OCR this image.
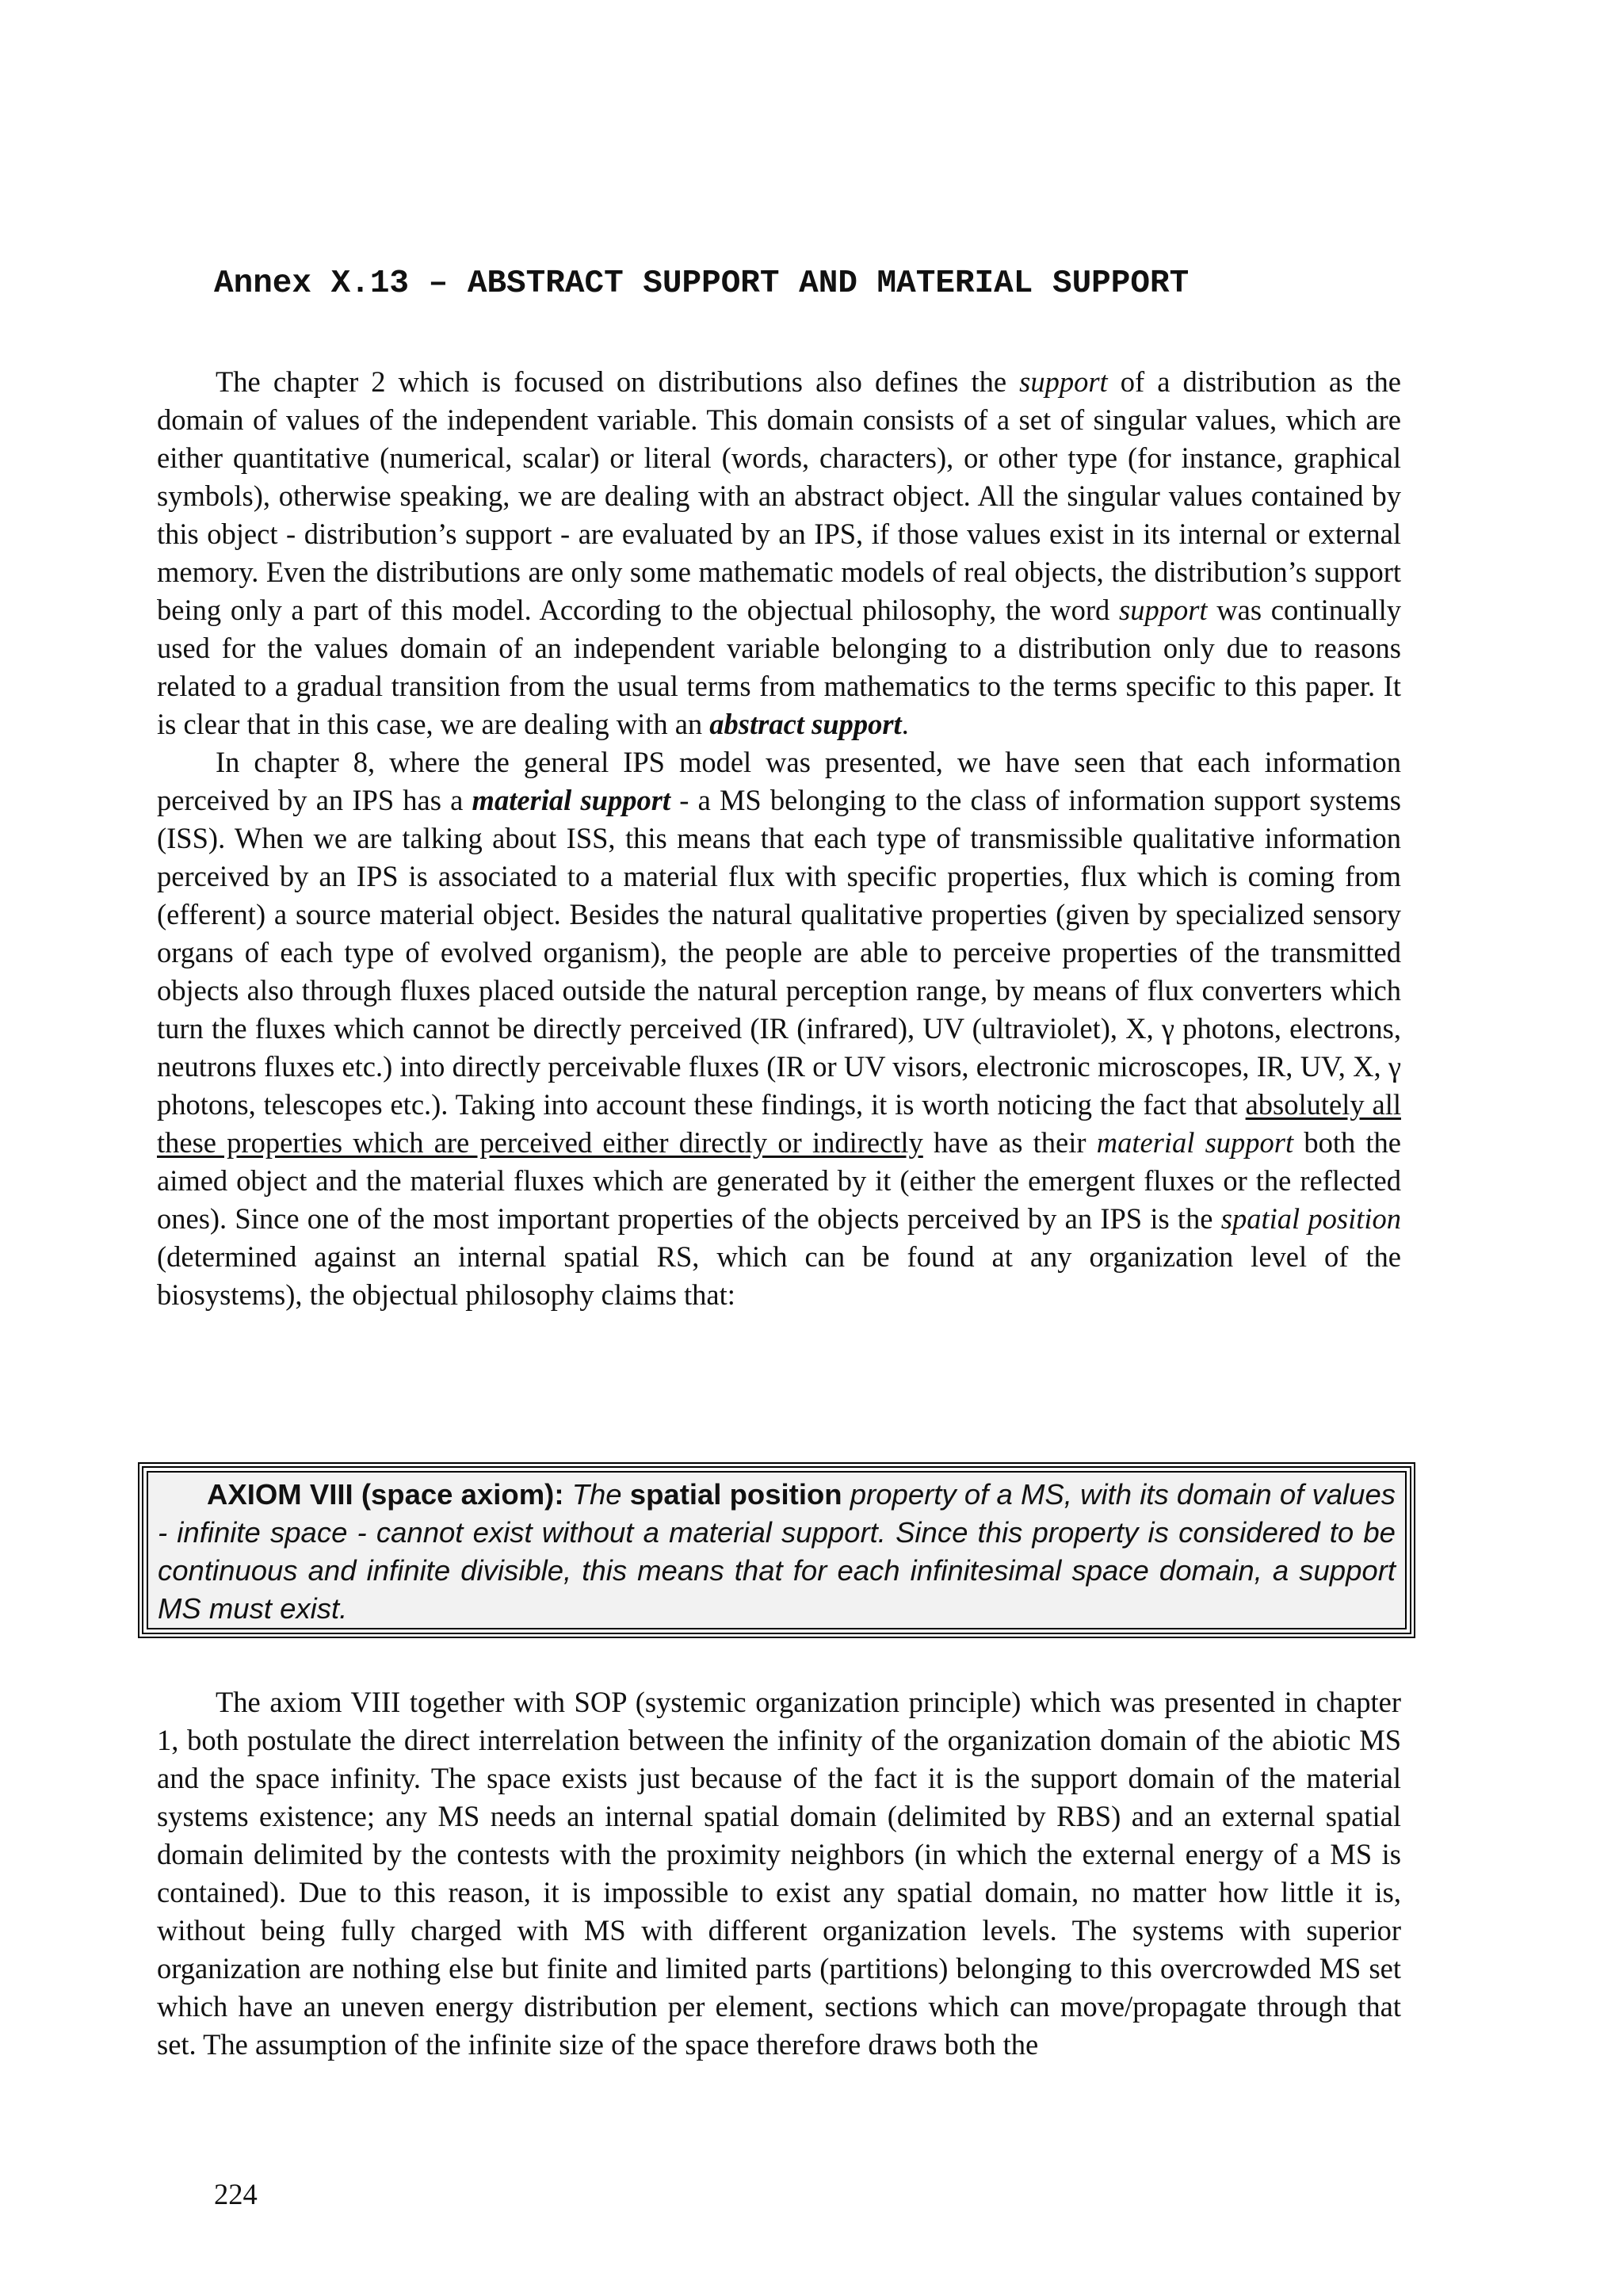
Annex X.13 – ABSTRACT SUPPORT AND MATERIAL SUPPORT

The chapter 2 which is focused on distributions also defines the support of a distribution as the domain of values of the independent variable. This domain consists of a set of singular values, which are either quantitative (numerical, scalar) or literal (words, characters), or other type (for instance, graphical symbols), otherwise speaking, we are dealing with an abstract object. All the singular values contained by this object - distribution’s support - are evaluated by an IPS, if those values exist in its internal or external memory. Even the distributions are only some mathematic models of real objects, the distribution’s support being only a part of this model. According to the objectual philosophy, the word support was continually used for the values domain of an independent variable belonging to a distribution only due to reasons related to a gradual transition from the usual terms from mathematics to the terms specific to this paper. It is clear that in this case, we are dealing with an abstract support.

In chapter 8, where the general IPS model was presented, we have seen that each information perceived by an IPS has a material support - a MS belonging to the class of information support systems (ISS). When we are talking about ISS, this means that each type of transmissible qualitative information perceived by an IPS is associated to a material flux with specific properties, flux which is coming from (efferent) a source material object. Besides the natural qualitative properties (given by specialized sensory organs of each type of evolved organism), the people are able to perceive properties of the transmitted objects also through fluxes placed outside the natural perception range, by means of flux converters which turn the fluxes which cannot be directly perceived (IR (infrared), UV (ultraviolet), X, γ photons, electrons, neutrons fluxes etc.) into directly perceivable fluxes (IR or UV visors, electronic microscopes, IR, UV, X, γ photons, telescopes etc.). Taking into account these findings, it is worth noticing the fact that absolutely all these properties which are perceived either directly or indirectly have as their material support both the aimed object and the material fluxes which are generated by it (either the emergent fluxes or the reflected ones). Since one of the most important properties of the objects perceived by an IPS is the spatial position (determined against an internal spatial RS, which can be found at any organization level of the biosystems), the objectual philosophy claims that:

AXIOM VIII (space axiom): The spatial position property of a MS, with its domain of values - infinite space - cannot exist without a material support. Since this property is considered to be continuous and infinite divisible, this means that for each infinitesimal space domain, a support MS must exist.

The axiom VIII together with SOP (systemic organization principle) which was presented in chapter 1, both postulate the direct interrelation between the infinity of the organization domain of the abiotic MS and the space infinity. The space exists just because of the fact it is the support domain of the material systems existence; any MS needs an internal spatial domain (delimited by RBS) and an external spatial domain delimited by the contests with the proximity neighbors (in which the external energy of a MS is contained). Due to this reason, it is impossible to exist any spatial domain, no matter how little it is, without being fully charged with MS with different organization levels. The systems with superior organization are nothing else but finite and limited parts (partitions) belonging to this overcrowded MS set which have an uneven energy distribution per element, sections which can move/propagate through that set. The assumption of the infinite size of the space therefore draws both the

224
